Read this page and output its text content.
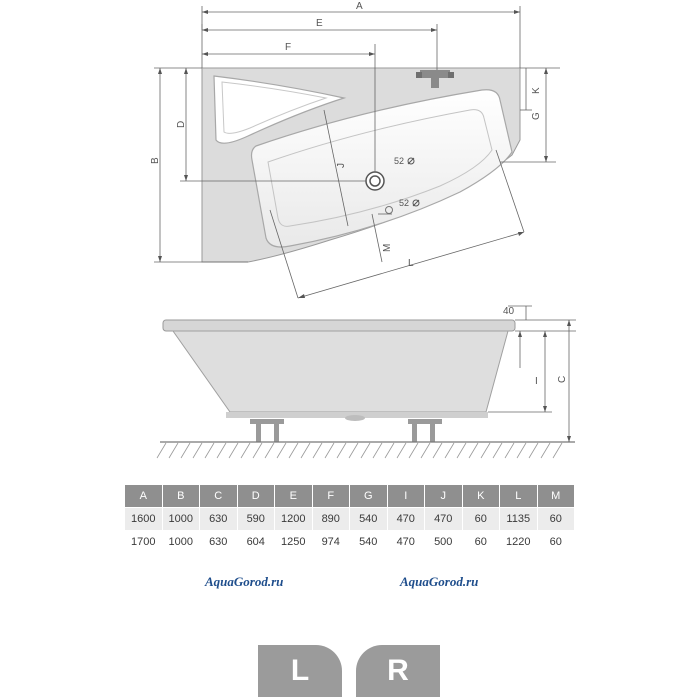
52
52
A
E
F
B
D
K
G
J
L
M
40
I C
A	B	C	D	E	F	G	I	J	K	L	M
1600	1000	630	590	1200	890	540	470	470	60	1135	60
1700	1000	630	604	1250	974	540	470	500	60	1220	60
AquaGorod.ru	AquaGorod.ru
L	R
